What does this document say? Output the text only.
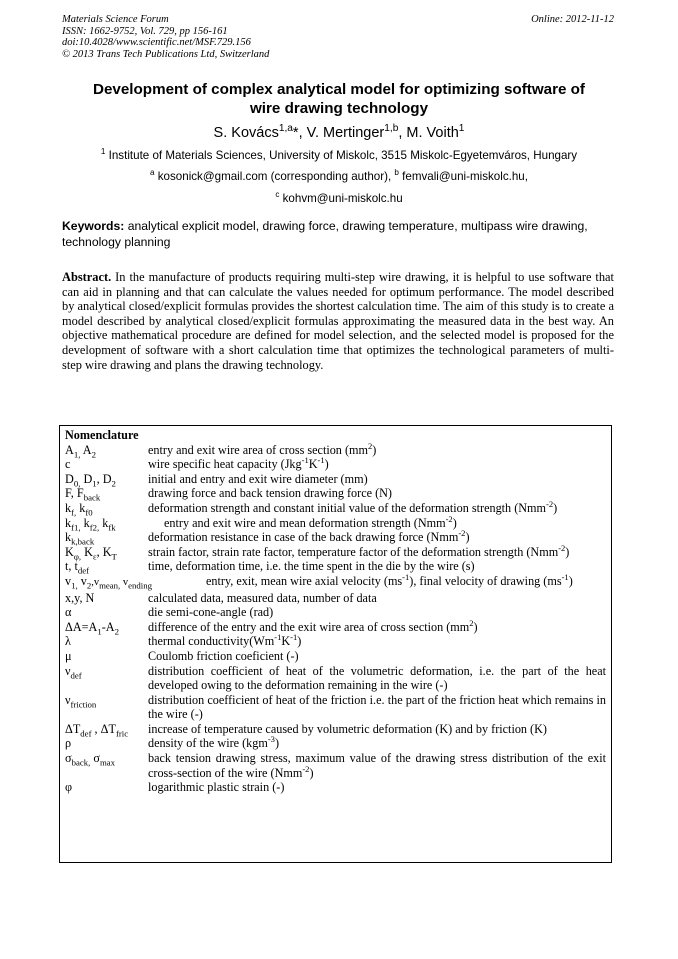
Materials Science Forum
ISSN: 1662-9752, Vol. 729, pp 156-161
doi:10.4028/www.scientific.net/MSF.729.156
© 2013 Trans Tech Publications Ltd, Switzerland
Online: 2012-11-12
Development of complex analytical model for optimizing software of
wire drawing technology
S. Kovács$^{1,a}$*, V. Mertinger$^{1,b}$, M. Voith$^1$
$^1$ Institute of Materials Sciences, University of Miskolc, 3515 Miskolc-Egyetemváros, Hungary
$^a$ kosonick@gmail.com (corresponding author), $^b$ femvali@uni-miskolc.hu,
$^c$ kohvm@uni-miskolc.hu
Keywords: analytical explicit model, drawing force, drawing temperature, multipass wire drawing, technology planning
Abstract. In the manufacture of products requiring multi-step wire drawing, it is helpful to use software that can aid in planning and that can calculate the values needed for optimum performance. The model described by analytical closed/explicit formulas provides the shortest calculation time. The aim of this study is to create a model described by analytical closed/explicit formulas approximating the measured data in the best way. An objective mathematical procedure are defined for model selection, and the selected model is proposed for the development of software with a short calculation time that optimizes the technological parameters of multi-step wire drawing and plans the drawing technology.
Nomenclature
$A_{1,}$ $A_2$	entry and exit wire area of cross section $(mm^2)$
c	wire specific heat capacity $(Jkg^{-1}K^{-1})$
$D_{0,}$ $D_1$, $D_2$	initial and entry and exit wire diameter (mm)
F, $F_{back}$	drawing force and back tension drawing force (N)
$k_{f,}$ $k_{f0}$	deformation strength and constant initial value of the deformation strength (Nmm$^{-2}$)
$k_{f1,}$ $k_{f2,}$ $k_{fk}$	entry and exit wire and mean deformation strength (Nmm$^{-2}$)
$k_{k,back}$	deformation resistance in case of the back drawing force (Nmm$^{-2}$)
$K_{\varphi,}$ $K_\varepsilon$, $K_T$	strain factor, strain rate factor, temperature factor of the deformation strength (Nmm$^{-2}$)
t, $t_{def}$	time, deformation time, i.e. the time spent in the die by the wire (s)
$v_{1,}$ $v_2,v_{mean,}$ $v_{ending}$	entry, exit, mean wire axial velocity $(ms^{-1})$, final velocity of drawing $(ms^{-1})$
x,y, N	calculated data, measured data, number of data
α	die semi-cone-angle (rad)
$\Delta A=A_1-A_2$	difference of the entry and the exit wire area of cross section $(mm^2)$
λ	thermal $conductivity(Wm^{-1}K^{-1})$
μ	Coulomb friction coeficient (-)
$\nu_{def}$	distribution coefficient of heat of the volumetric deformation, i.e. the part of the heat developed owing to the deformation remaining in the wire (-)
$\nu_{friction}$	distribution coefficient of heat of the friction i.e. the part of the friction heat which remains in the wire (-)
$\Delta T_{def}$ , $\Delta T_{fric}$	increase of temperature caused by volumetric deformation (K) and by friction (K)
ρ	density of the wire (kgm$^{-3}$)
$\sigma_{back,}$ $\sigma_{max}$	back tension drawing stress, maximum value of the drawing stress distribution of the exit cross-section of the wire (Nmm$^{-2}$)
φ	logarithmic plastic strain (-)
